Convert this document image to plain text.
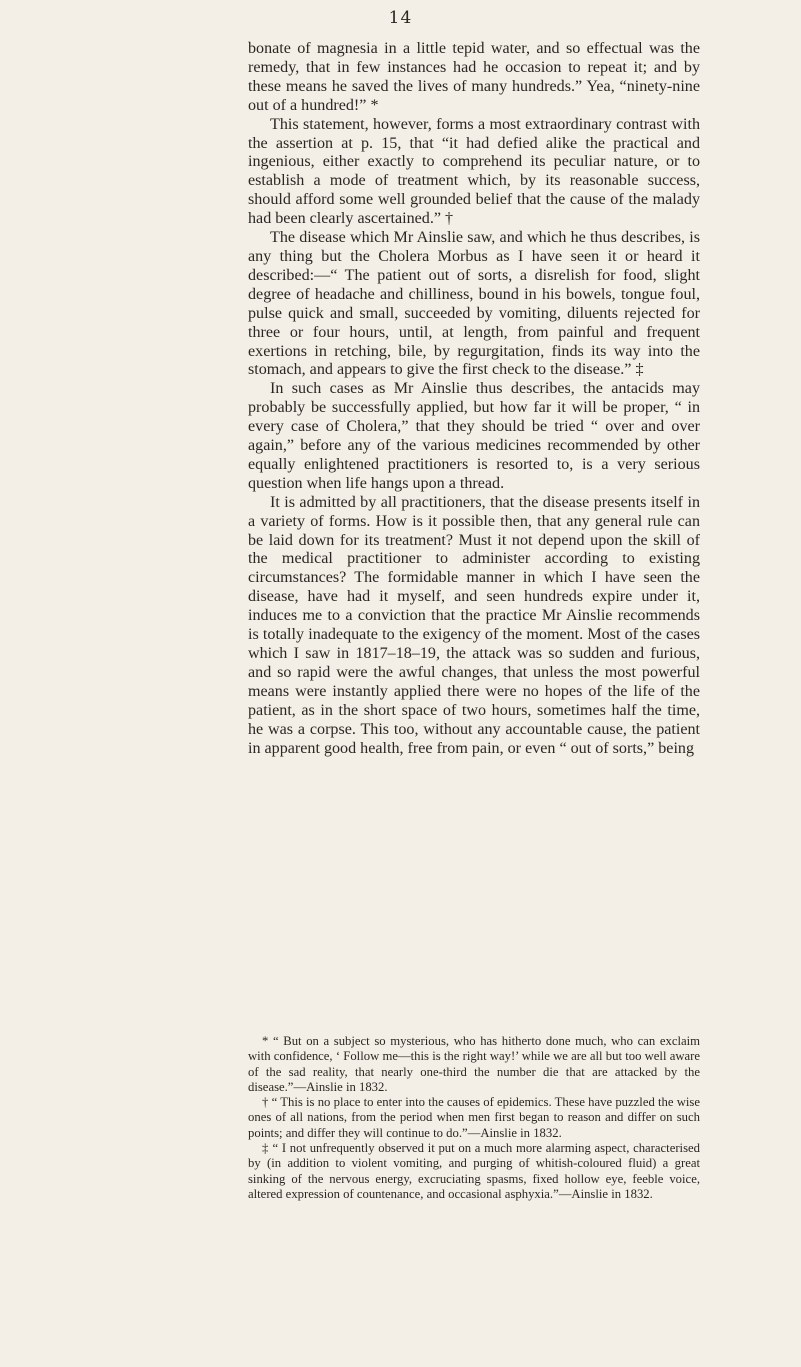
14

bonate of magnesia in a little tepid water, and so effectual was the remedy, that in few instances had he occasion to repeat it; and by these means he saved the lives of many hundreds.” Yea, “ninety-nine out of a hundred!” *

This statement, however, forms a most extraordinary contrast with the assertion at p. 15, that “it had defied alike the practical and ingenious, either exactly to comprehend its peculiar nature, or to establish a mode of treatment which, by its reasonable success, should afford some well grounded belief that the cause of the malady had been clearly ascertained.” †

The disease which Mr Ainslie saw, and which he thus describes, is any thing but the Cholera Morbus as I have seen it or heard it described:—“ The patient out of sorts, a disrelish for food, slight degree of headache and chilliness, bound in his bowels, tongue foul, pulse quick and small, succeeded by vomiting, diluents rejected for three or four hours, until, at length, from painful and frequent exertions in retching, bile, by regurgitation, finds its way into the stomach, and appears to give the first check to the disease.” ‡

In such cases as Mr Ainslie thus describes, the antacids may probably be successfully applied, but how far it will be proper, “ in every case of Cholera,” that they should be tried “ over and over again,” before any of the various medicines recommended by other equally enlightened practitioners is resorted to, is a very serious question when life hangs upon a thread.

It is admitted by all practitioners, that the disease presents itself in a variety of forms. How is it possible then, that any general rule can be laid down for its treatment? Must it not depend upon the skill of the medical practitioner to administer according to existing circumstances? The formidable manner in which I have seen the disease, have had it myself, and seen hundreds expire under it, induces me to a conviction that the practice Mr Ainslie recommends is totally inadequate to the exigency of the moment. Most of the cases which I saw in 1817–18–19, the attack was so sudden and furious, and so rapid were the awful changes, that unless the most powerful means were instantly applied there were no hopes of the life of the patient, as in the short space of two hours, sometimes half the time, he was a corpse. This too, without any accountable cause, the patient in apparent good health, free from pain, or even “ out of sorts,” being

* “ But on a subject so mysterious, who has hitherto done much, who can exclaim with confidence, ‘ Follow me—this is the right way!’ while we are all but too well aware of the sad reality, that nearly one-third the number die that are attacked by the disease.”—Ainslie in 1832.

† “ This is no place to enter into the causes of epidemics. These have puzzled the wise ones of all nations, from the period when men first began to reason and differ on such points; and differ they will continue to do.”—Ainslie in 1832.

‡ “ I not unfrequently observed it put on a much more alarming aspect, characterised by (in addition to violent vomiting, and purging of whitish-coloured fluid) a great sinking of the nervous energy, excruciating spasms, fixed hollow eye, feeble voice, altered expression of countenance, and occasional asphyxia.”—Ainslie in 1832.
